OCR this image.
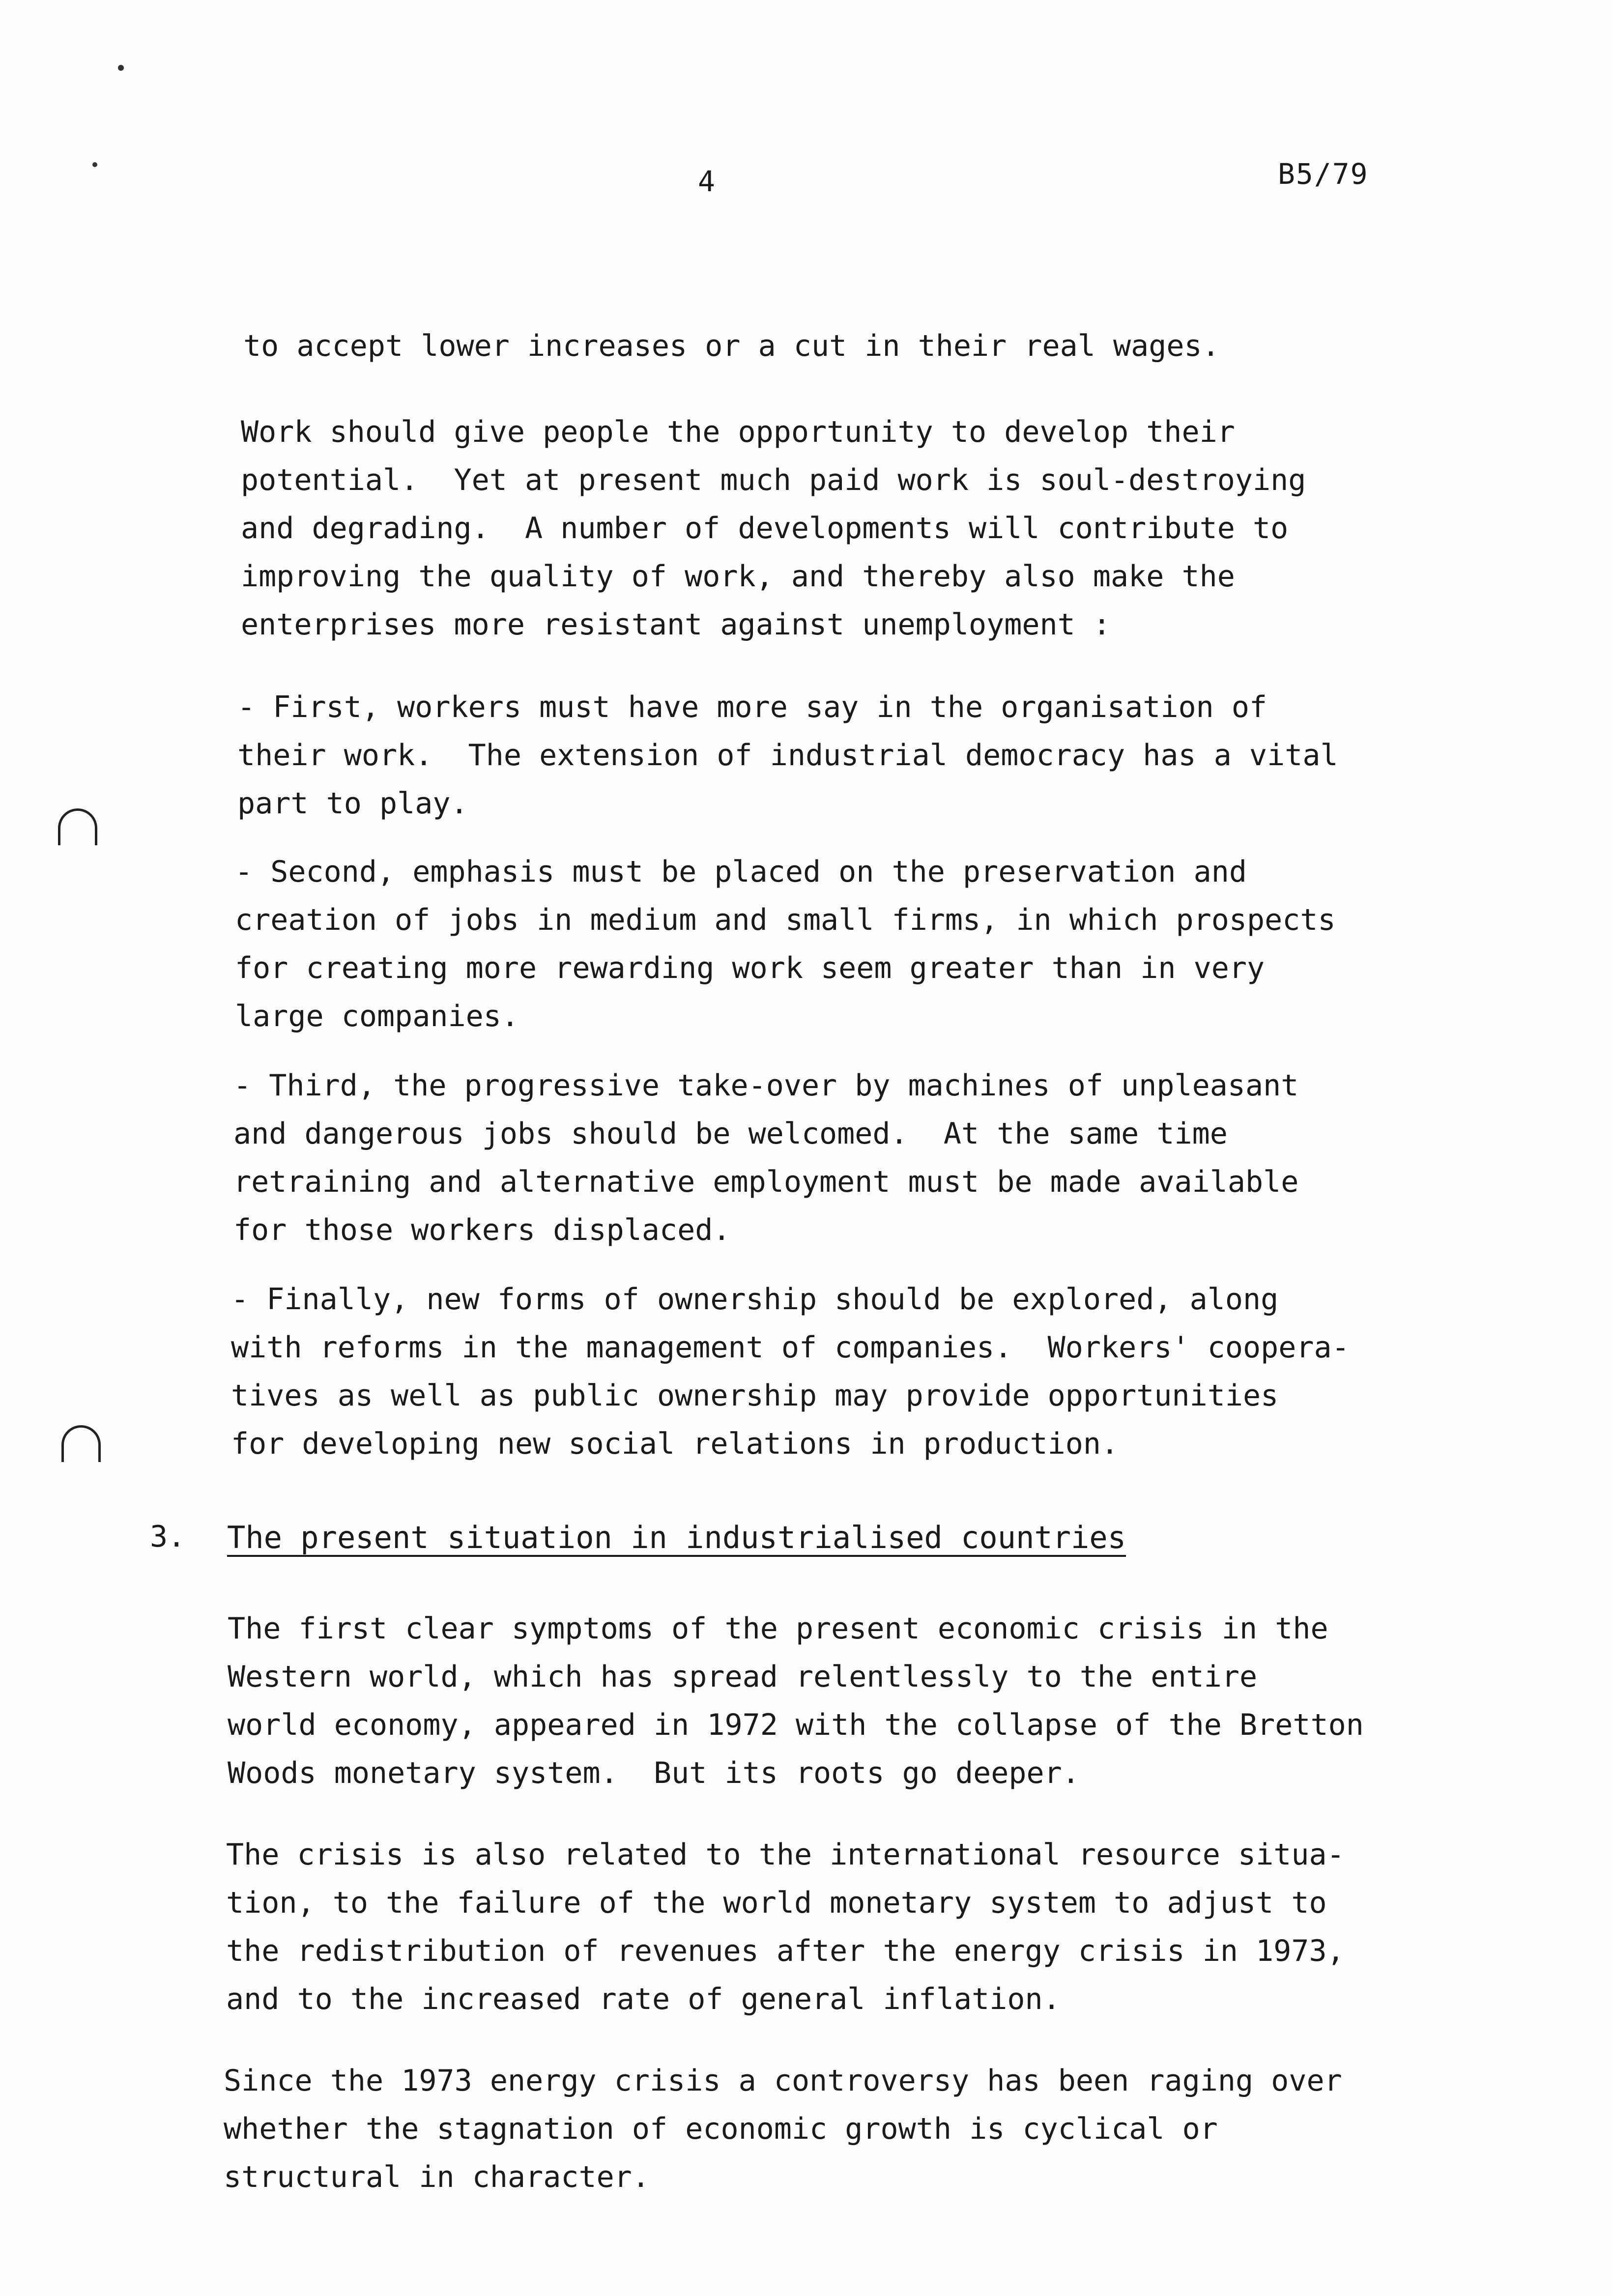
4	B5/79
to accept lower increases or a cut in their real wages.
Work should give people the opportunity to develop their
potential.  Yet at present much paid work is soul-destroying
and degrading.  A number of developments will contribute to
improving the quality of work, and thereby also make the
enterprises more resistant against unemployment :
- First, workers must have more say in the organisation of
their work.  The extension of industrial democracy has a vital
part to play.
- Second, emphasis must be placed on the preservation and
creation of jobs in medium and small firms, in which prospects
for creating more rewarding work seem greater than in very
large companies.
- Third, the progressive take-over by machines of unpleasant
and dangerous jobs should be welcomed.  At the same time
retraining and alternative employment must be made available
for those workers displaced.
- Finally, new forms of ownership should be explored, along
with reforms in the management of companies.  Workers' coopera-
tives as well as public ownership may provide opportunities
for developing new social relations in production.
3. The present situation in industrialised countries
The first clear symptoms of the present economic crisis in the
Western world, which has spread relentlessly to the entire
world economy, appeared in 1972 with the collapse of the Bretton
Woods monetary system.  But its roots go deeper.
The crisis is also related to the international resource situa-
tion, to the failure of the world monetary system to adjust to
the redistribution of revenues after the energy crisis in 1973,
and to the increased rate of general inflation.
Since the 1973 energy crisis a controversy has been raging over
whether the stagnation of economic growth is cyclical or
structural in character.
